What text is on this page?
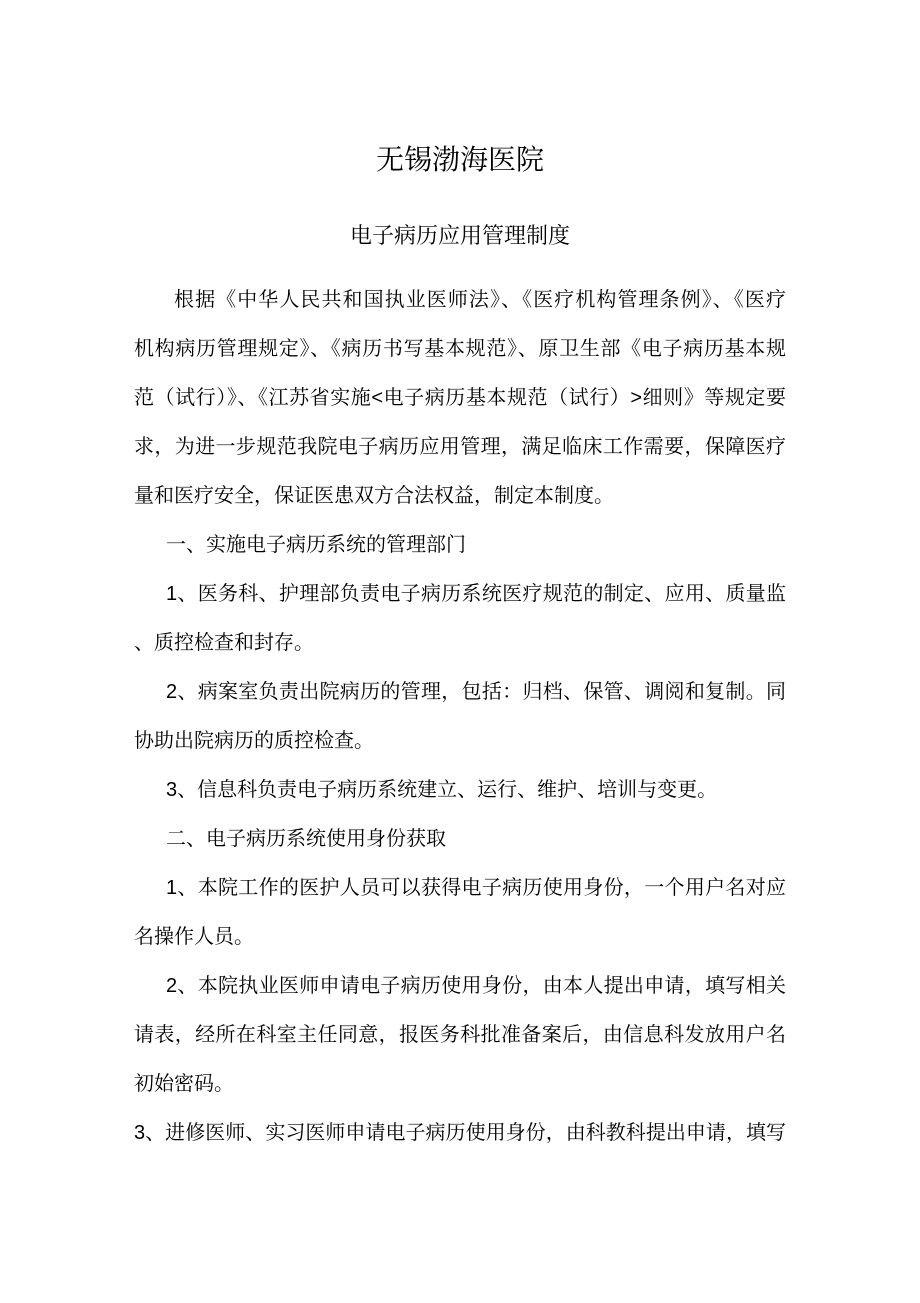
无锡渤海医院
电子病历应用管理制度
根据《中华人民共和国执业医师法》、《医疗机构管理条例》、《医疗
机构病历管理规定》、《病历书写基本规范》、原卫生部《电子病历基本规
范（试行）》、《江苏省实施<电子病历基本规范（试行）>细则》等规定要
求，为进一步规范我院电子病历应用管理，满足临床工作需要，保障医疗
量和医疗安全，保证医患双方合法权益，制定本制度。
一、实施电子病历系统的管理部门
1、医务科、护理部负责电子病历系统医疗规范的制定、应用、质量监
、质控检查和封存。
2、病案室负责出院病历的管理，包括：归档、保管、调阅和复制。同
协助出院病历的质控检查。
3、信息科负责电子病历系统建立、运行、维护、培训与变更。
二、电子病历系统使用身份获取
1、本院工作的医护人员可以获得电子病历使用身份，一个用户名对应
名操作人员。
2、本院执业医师申请电子病历使用身份，由本人提出申请，填写相关
请表，经所在科室主任同意，报医务科批准备案后，由信息科发放用户名
初始密码。
3、进修医师、实习医师申请电子病历使用身份，由科教科提出申请，填写
